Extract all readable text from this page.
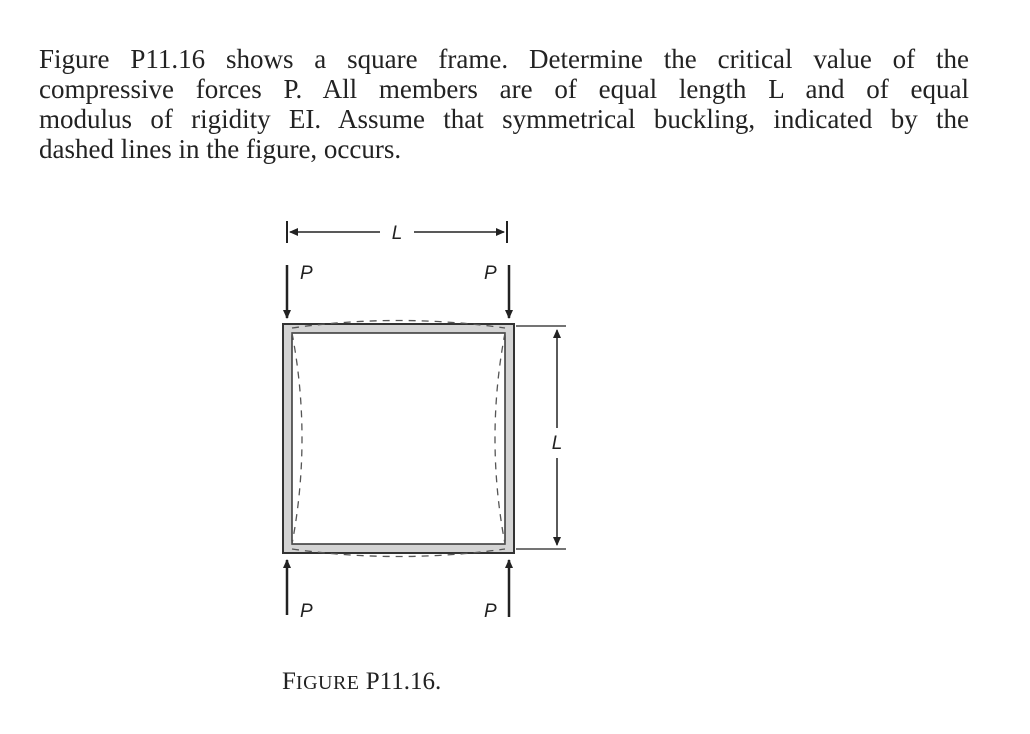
Figure P11.16 shows a square frame. Determine the critical value of the
compressive forces P. All members are of equal length L and of equal
modulus of rigidity EI. Assume that symmetrical buckling, indicated by the
dashed lines in the figure, occurs.
L
L
P	P
P	P
FIGURE P11.16.
